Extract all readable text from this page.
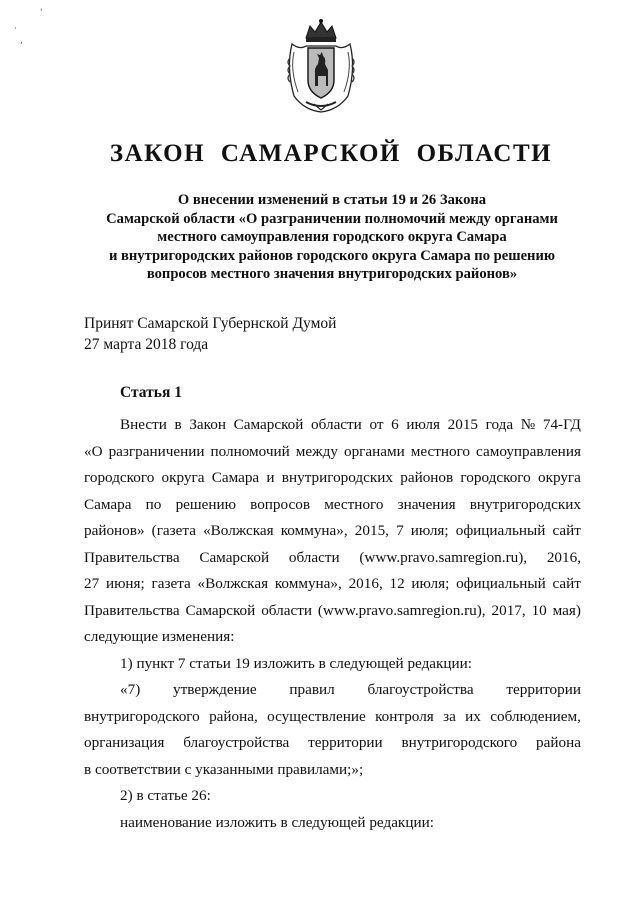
'
·
,
ЗАКОН САМАРСКОЙ ОБЛАСТИ
О внесении изменений в статьи 19 и 26 Закона
Самарской области «О разграничении полномочий между органами
местного самоуправления городского округа Самара
и внутригородских районов городского округа Самара по решению
вопросов местного значения внутригородских районов»
Принят Самарской Губернской Думой
27 марта 2018 года
Статья 1
Внести в Закон Самарской области от 6 июля 2015 года № 74-ГД
«О разграничении полномочий между органами местного самоуправления
городского округа Самара и внутригородских районов городского округа
Самара по решению вопросов местного значения внутригородских
районов» (газета «Волжская коммуна», 2015, 7 июля; официальный сайт
Правительства Самарской области (www.pravo.samregion.ru), 2016,
27 июня; газета «Волжская коммуна», 2016, 12 июля; официальный сайт
Правительства Самарской области (www.pravo.samregion.ru), 2017, 10 мая)
следующие изменения:
1) пункт 7 статьи 19 изложить в следующей редакции:
«7) утверждение правил благоустройства территории
внутригородского района, осуществление контроля за их соблюдением,
организация благоустройства территории внутригородского района
в соответствии с указанными правилами;»;
2) в статье 26:
наименование изложить в следующей редакции:
